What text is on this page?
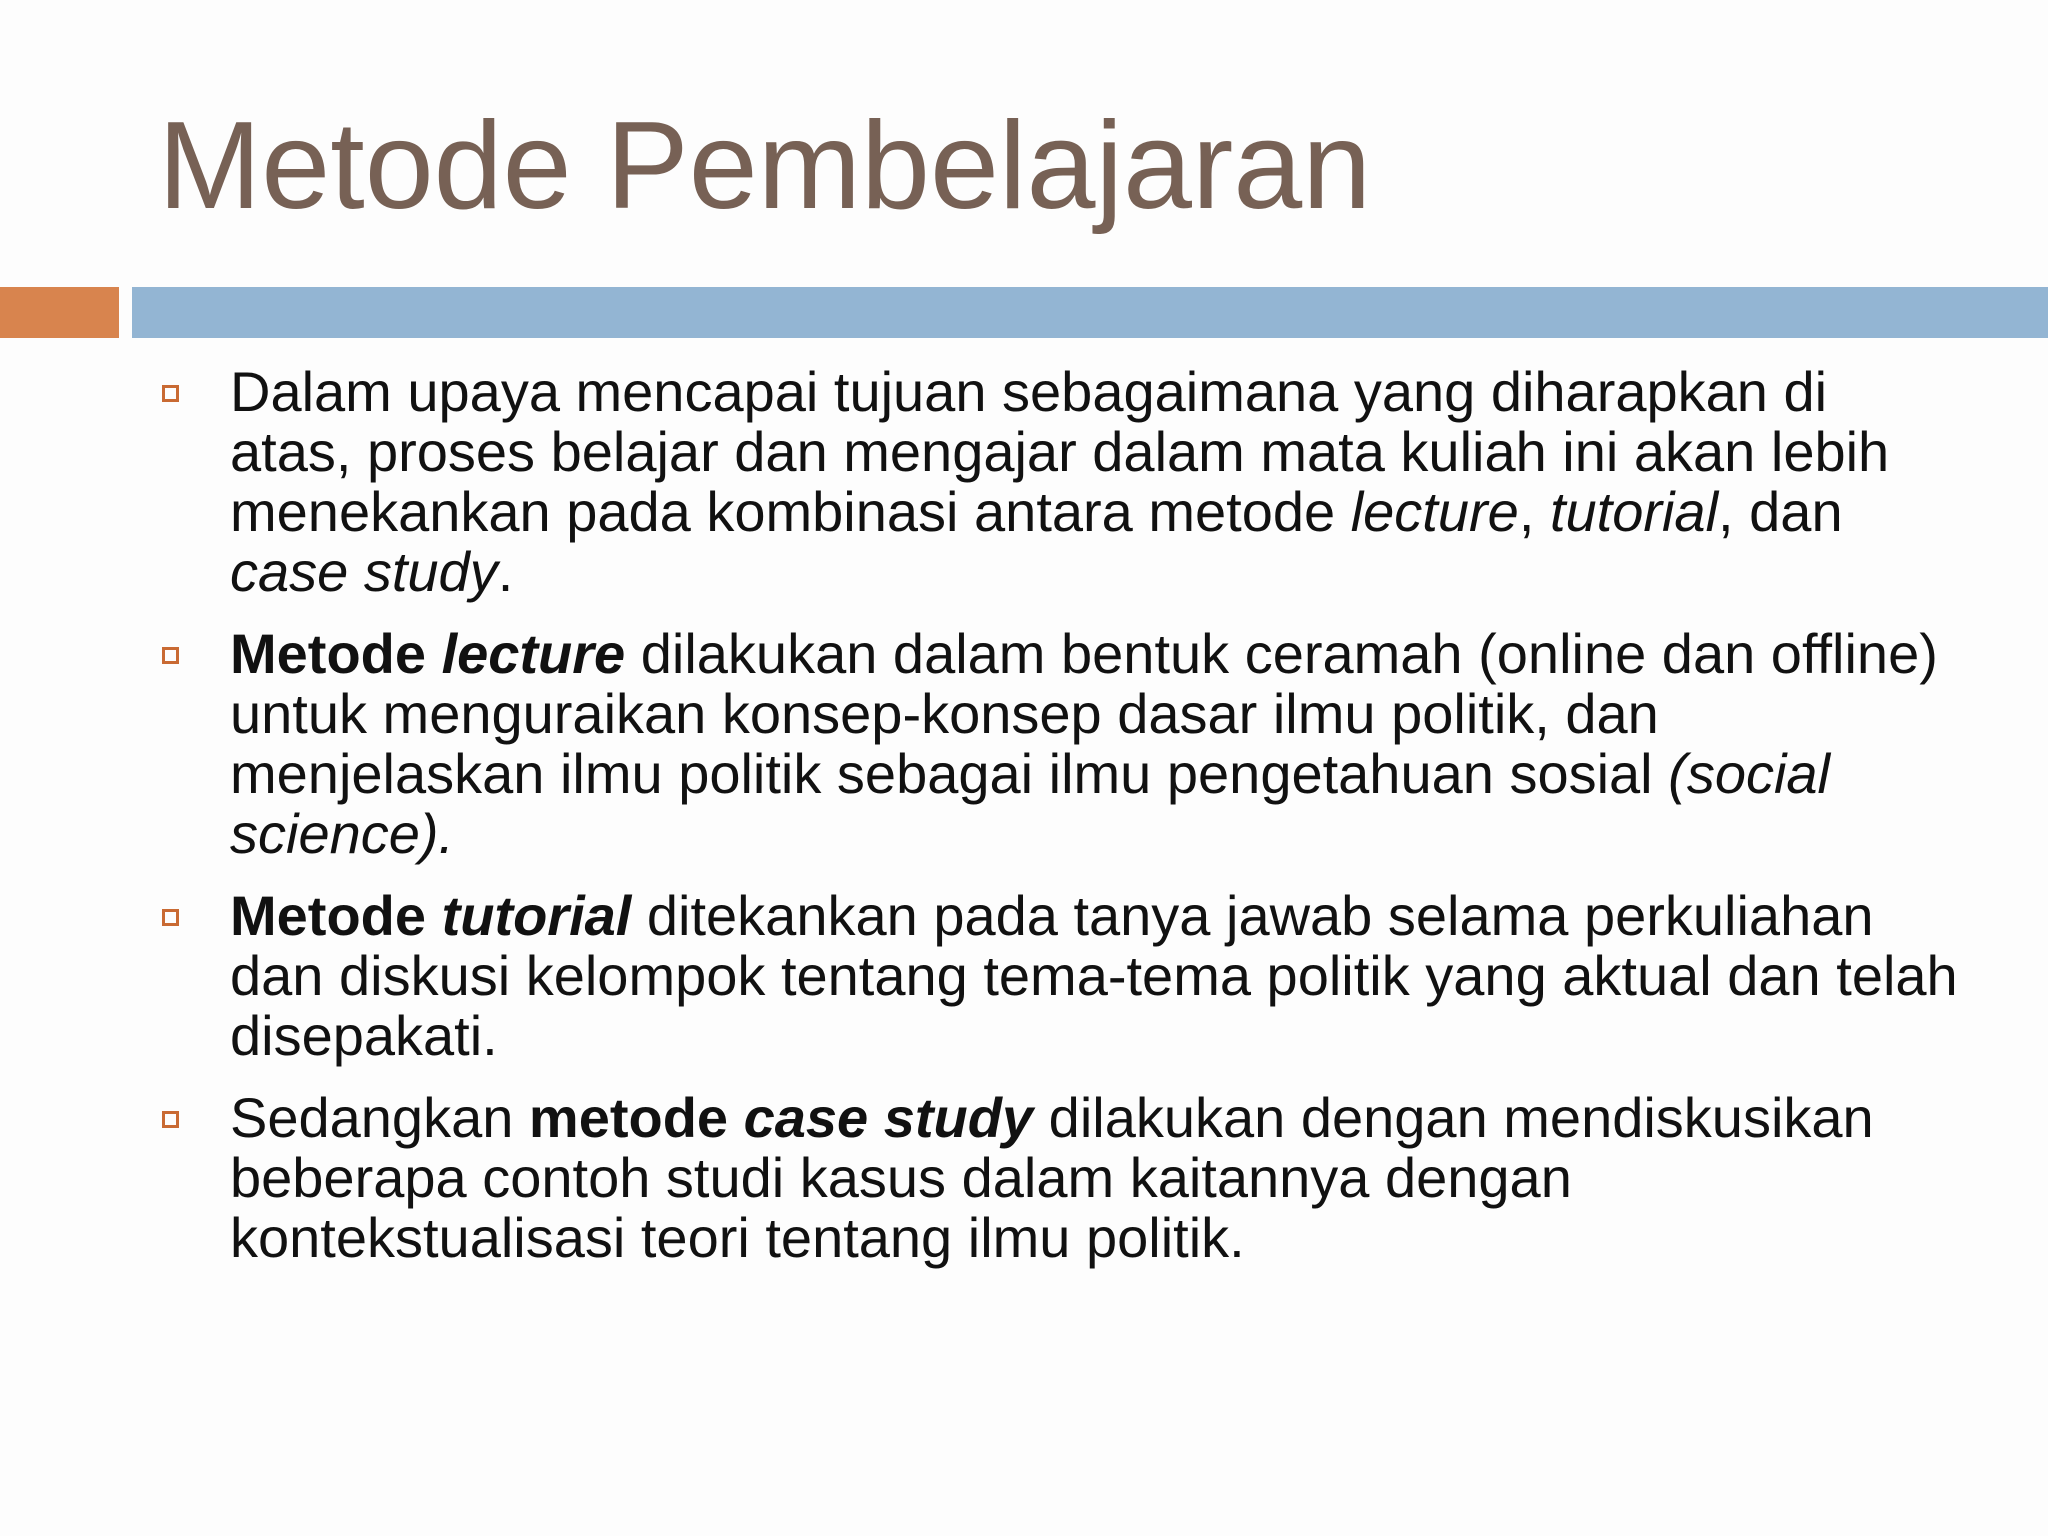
Metode Pembelajaran
Dalam upaya mencapai tujuan sebagaimana yang diharapkan di atas, proses belajar dan mengajar dalam mata kuliah ini akan lebih menekankan pada kombinasi antara metode lecture, tutorial, dan case study.
Metode lecture dilakukan dalam bentuk ceramah (online dan offline) untuk menguraikan konsep-konsep dasar ilmu politik, dan menjelaskan ilmu politik sebagai ilmu pengetahuan sosial (social science).
Metode tutorial ditekankan pada tanya jawab selama perkuliahan dan diskusi kelompok tentang tema-tema politik yang aktual dan telah disepakati.
Sedangkan metode case study dilakukan dengan mendiskusikan beberapa contoh studi kasus dalam kaitannya dengan kontekstualisasi teori tentang ilmu politik.
